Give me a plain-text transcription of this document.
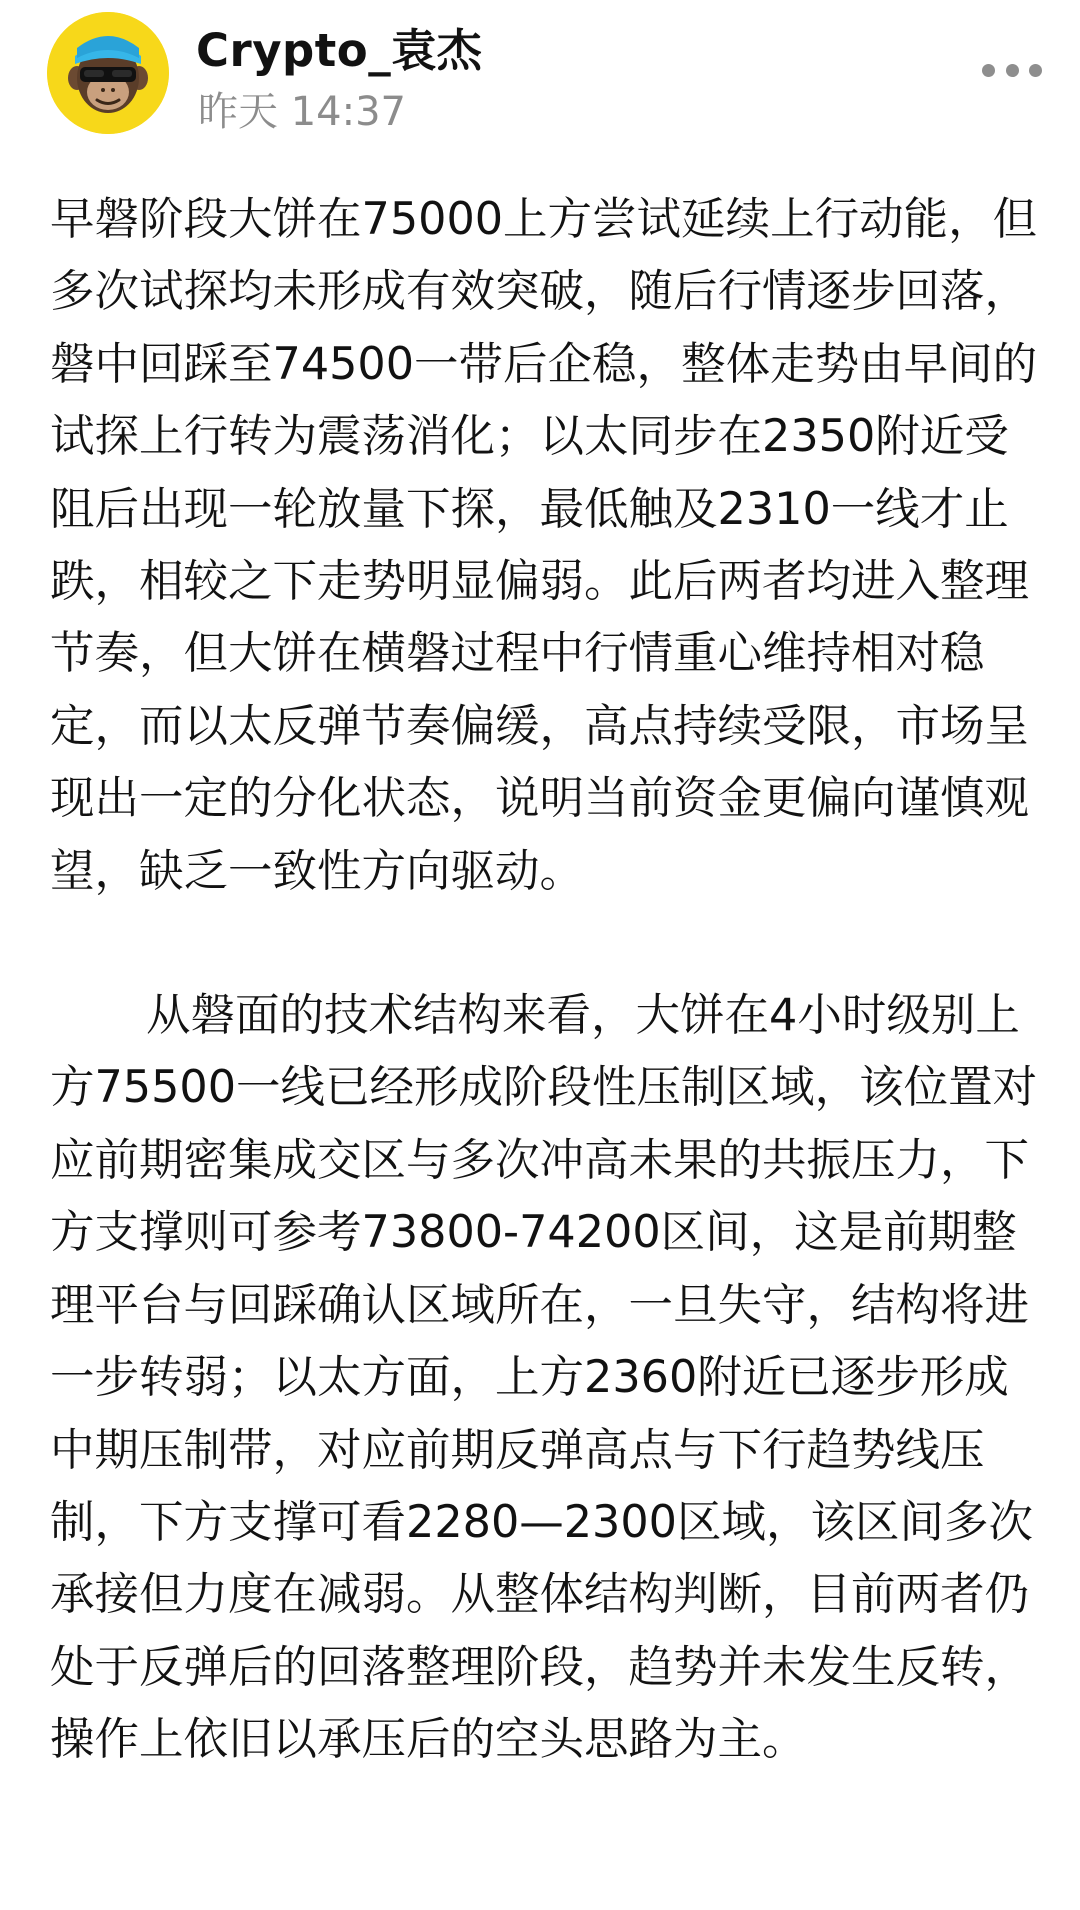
Crypto_袁杰
昨天 14:37

早磐阶段大饼在75000上方尝试延续上行动能，但多次试探均未形成有效突破，随后行情逐步回落，磐中回踩至74500一带后企稳，整体走势由早间的试探上行转为震荡消化；以太同步在2350附近受阻后出现一轮放量下探，最低触及2310一线才止跌，相较之下走势明显偏弱。此后两者均进入整理节奏，但大饼在横磐过程中行情重心维持相对稳定，而以太反弹节奏偏缓，高点持续受限，市场呈现出一定的分化状态，说明当前资金更偏向谨慎观望，缺乏一致性方向驱动。

从磐面的技术结构来看，大饼在4小时级别上方75500一线已经形成阶段性压制区域，该位置对应前期密集成交区与多次冲高未果的共振压力，下方支撑则可参考73800-74200区间，这是前期整理平台与回踩确认区域所在，一旦失守，结构将进一步转弱；以太方面，上方2360附近已逐步形成中期压制带，对应前期反弹高点与下行趋势线压制，下方支撑可看2280—2300区域，该区间多次承接但力度在减弱。从整体结构判断，目前两者仍处于反弹后的回落整理阶段，趋势并未发生反转，操作上依旧以承压后的空头思路为主。
